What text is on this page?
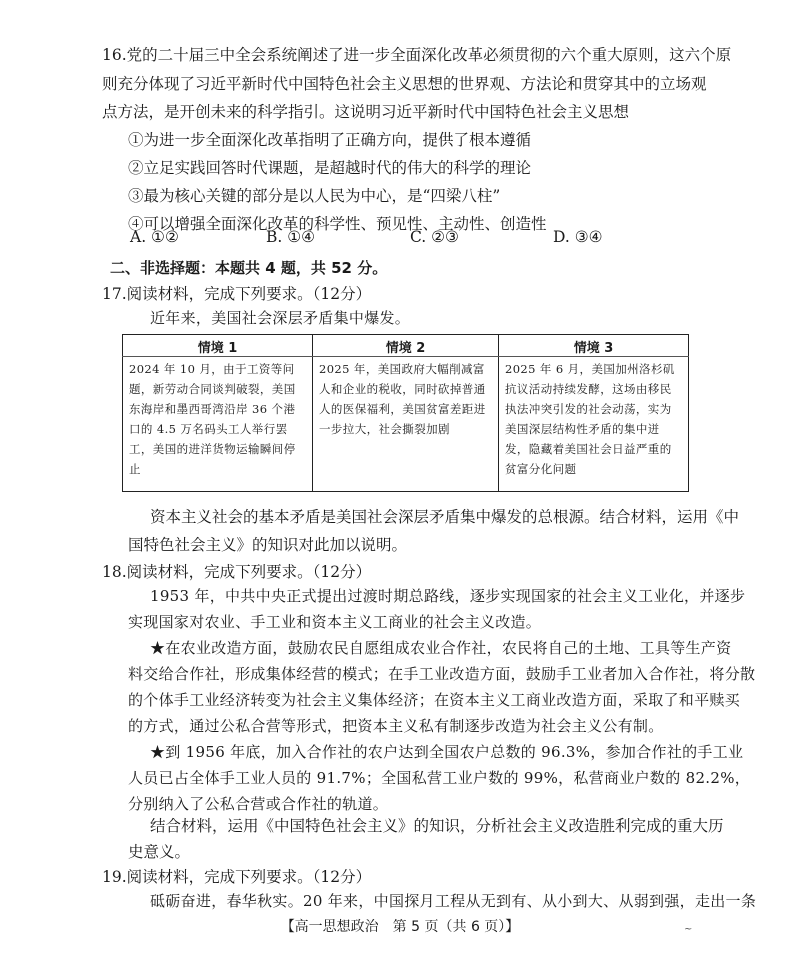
16.党的二十届三中全会系统阐述了进一步全面深化改革必须贯彻的六个重大原则，这六个原
则充分体现了习近平新时代中国特色社会主义思想的世界观、方法论和贯穿其中的立场观
点方法，是开创未来的科学指引。这说明习近平新时代中国特色社会主义思想
①为进一步全面深化改革指明了正确方向，提供了根本遵循
②立足实践回答时代课题，是超越时代的伟大的科学的理论
③最为核心关键的部分是以人民为中心，是“四梁八柱”
④可以增强全面深化改革的科学性、预见性、主动性、创造性
A. ①②	B. ①④	C. ②③	D. ③④
二、非选择题：本题共 4 题，共 52 分。
17.阅读材料，完成下列要求。（12分）
近年来，美国社会深层矛盾集中爆发。
情境 1	情境 2	情境 3
2024 年 10 月，由于工资等问题，新劳动合同谈判破裂，美国东海岸和墨西哥湾沿岸 36 个港口的 4.5 万名码头工人举行罢工，美国的进洋货物运输瞬间停止	2025 年，美国政府大幅削减富人和企业的税收，同时砍掉普通人的医保福利，美国贫富差距进一步拉大，社会撕裂加剧	2025 年 6 月，美国加州洛杉矶抗议活动持续发酵，这场由移民执法冲突引发的社会动荡，实为美国深层结构性矛盾的集中迸发，隐藏着美国社会日益严重的贫富分化问题
资本主义社会的基本矛盾是美国社会深层矛盾集中爆发的总根源。结合材料，运用《中
国特色社会主义》的知识对此加以说明。
18.阅读材料，完成下列要求。（12分）
1953 年，中共中央正式提出过渡时期总路线，逐步实现国家的社会主义工业化，并逐步
实现国家对农业、手工业和资本主义工商业的社会主义改造。
★在农业改造方面，鼓励农民自愿组成农业合作社，农民将自己的土地、工具等生产资
料交给合作社，形成集体经营的模式；在手工业改造方面，鼓励手工业者加入合作社，将分散
的个体手工业经济转变为社会主义集体经济；在资本主义工商业改造方面，采取了和平赎买
的方式，通过公私合营等形式，把资本主义私有制逐步改造为社会主义公有制。
★到 1956 年底，加入合作社的农户达到全国农户总数的 96.3%，参加合作社的手工业
人员已占全体手工业人员的 91.7%；全国私营工业户数的 99%，私营商业户数的 82.2%，
分别纳入了公私合营或合作社的轨道。
结合材料，运用《中国特色社会主义》的知识，分析社会主义改造胜利完成的重大历
史意义。
19.阅读材料，完成下列要求。（12分）
砥砺奋进，春华秋实。20 年来，中国探月工程从无到有、从小到大、从弱到强，走出一条
【高一思想政治　第 5 页（共 6 页）】	~
